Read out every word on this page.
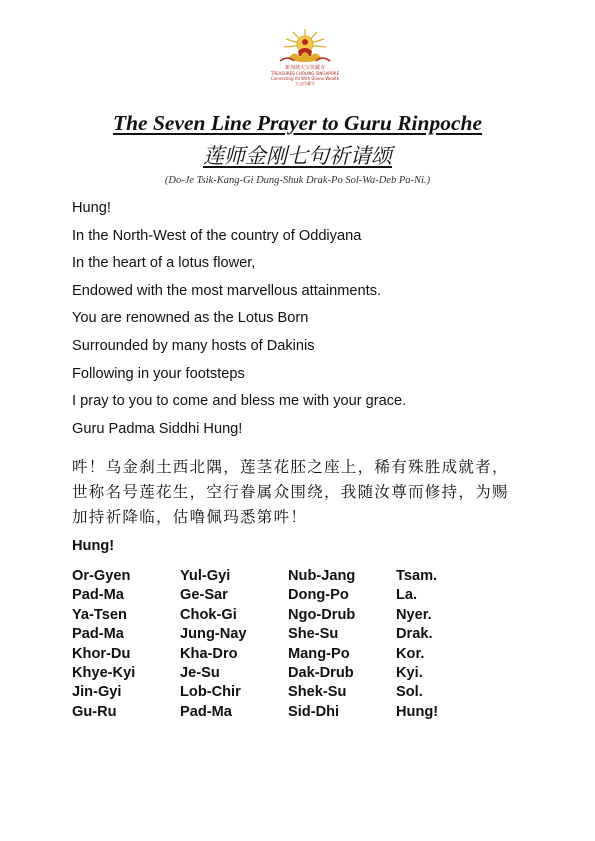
新加坡大宝伏藏寺
TREASURES CHOLING SINGAPORE
Connecting All With Divine Wealth
大宝伏藏寺
The Seven Line Prayer to Guru Rinpoche
莲师金刚七句祈请颂
(Do-Je Tsik-Kang-Gi Dung-Shuk Drak-Po Sol-Wa-Deb Pa-Ni.)
Hung!
In the North-West of the country of Oddiyana
In the heart of a lotus flower,
Endowed with the most marvellous attainments.
You are renowned as the Lotus Born
Surrounded by many hosts of Dakinis
Following in your footsteps
I pray to you to come and bless me with your grace.
Guru Padma Siddhi Hung!

吽！乌金刹土西北隅，莲茎花胚之座上，稀有殊胜成就者，世称名号莲花生，空行眷属众围绕，我随汝尊而修持，为赐加持祈降临，估噜佩玛悉第吽！

Hung!
Or-Gyen	Yul-Gyi	Nub-Jang	Tsam.
Pad-Ma	Ge-Sar	Dong-Po	La.
Ya-Tsen	Chok-Gi	Ngo-Drub	Nyer.
Pad-Ma	Jung-Nay	She-Su	Drak.
Khor-Du	Kha-Dro	Mang-Po	Kor.
Khye-Kyi	Je-Su	Dak-Drub	Kyi.
Jin-Gyi	Lob-Chir	Shek-Su	Sol.
Gu-Ru	Pad-Ma	Sid-Dhi	Hung!
